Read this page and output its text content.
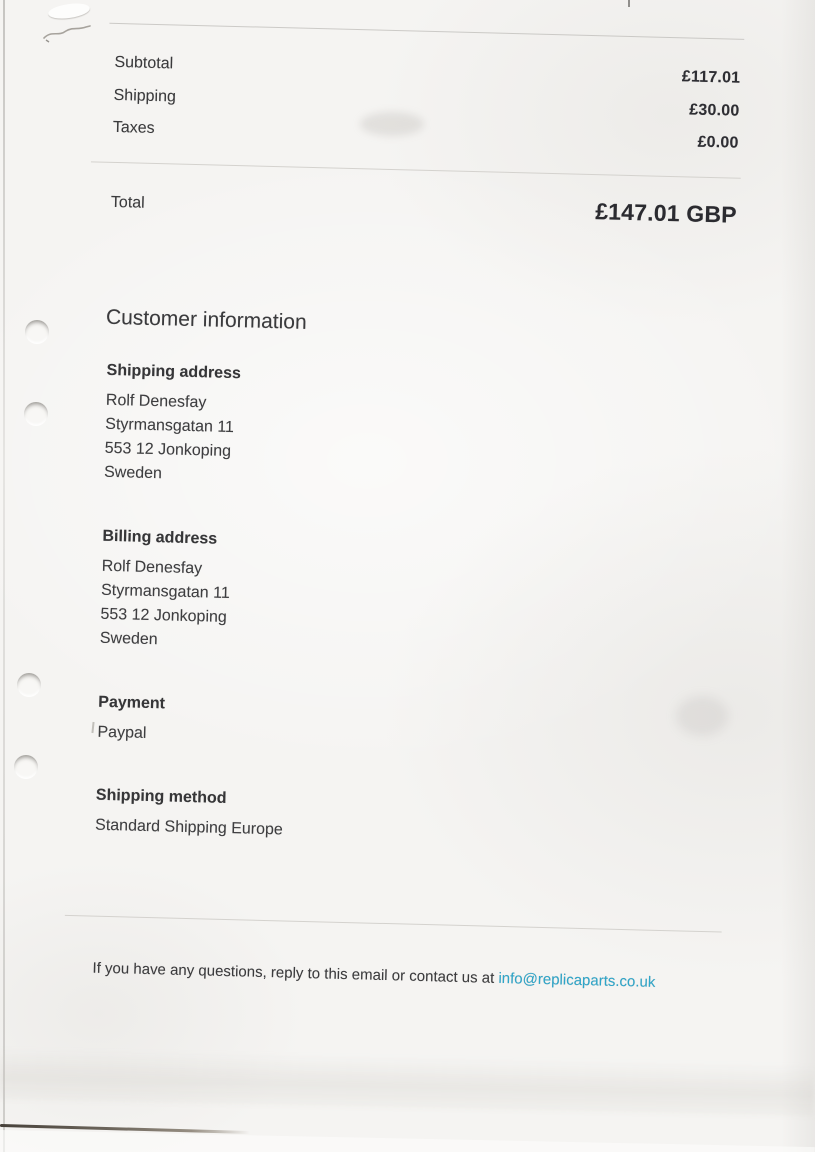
Subtotal
£117.01
Shipping
£30.00
Taxes
£0.00
Total	£147.01 GBP
Customer information
Shipping address
Rolf Denesfay
Styrmansgatan 11
553 12 Jonkoping
Sweden
Billing address
Rolf Denesfay
Styrmansgatan 11
553 12 Jonkoping
Sweden
Payment
Paypal
Shipping method
Standard Shipping Europe
If you have any questions, reply to this email or contact us at info@replicaparts.co.uk
